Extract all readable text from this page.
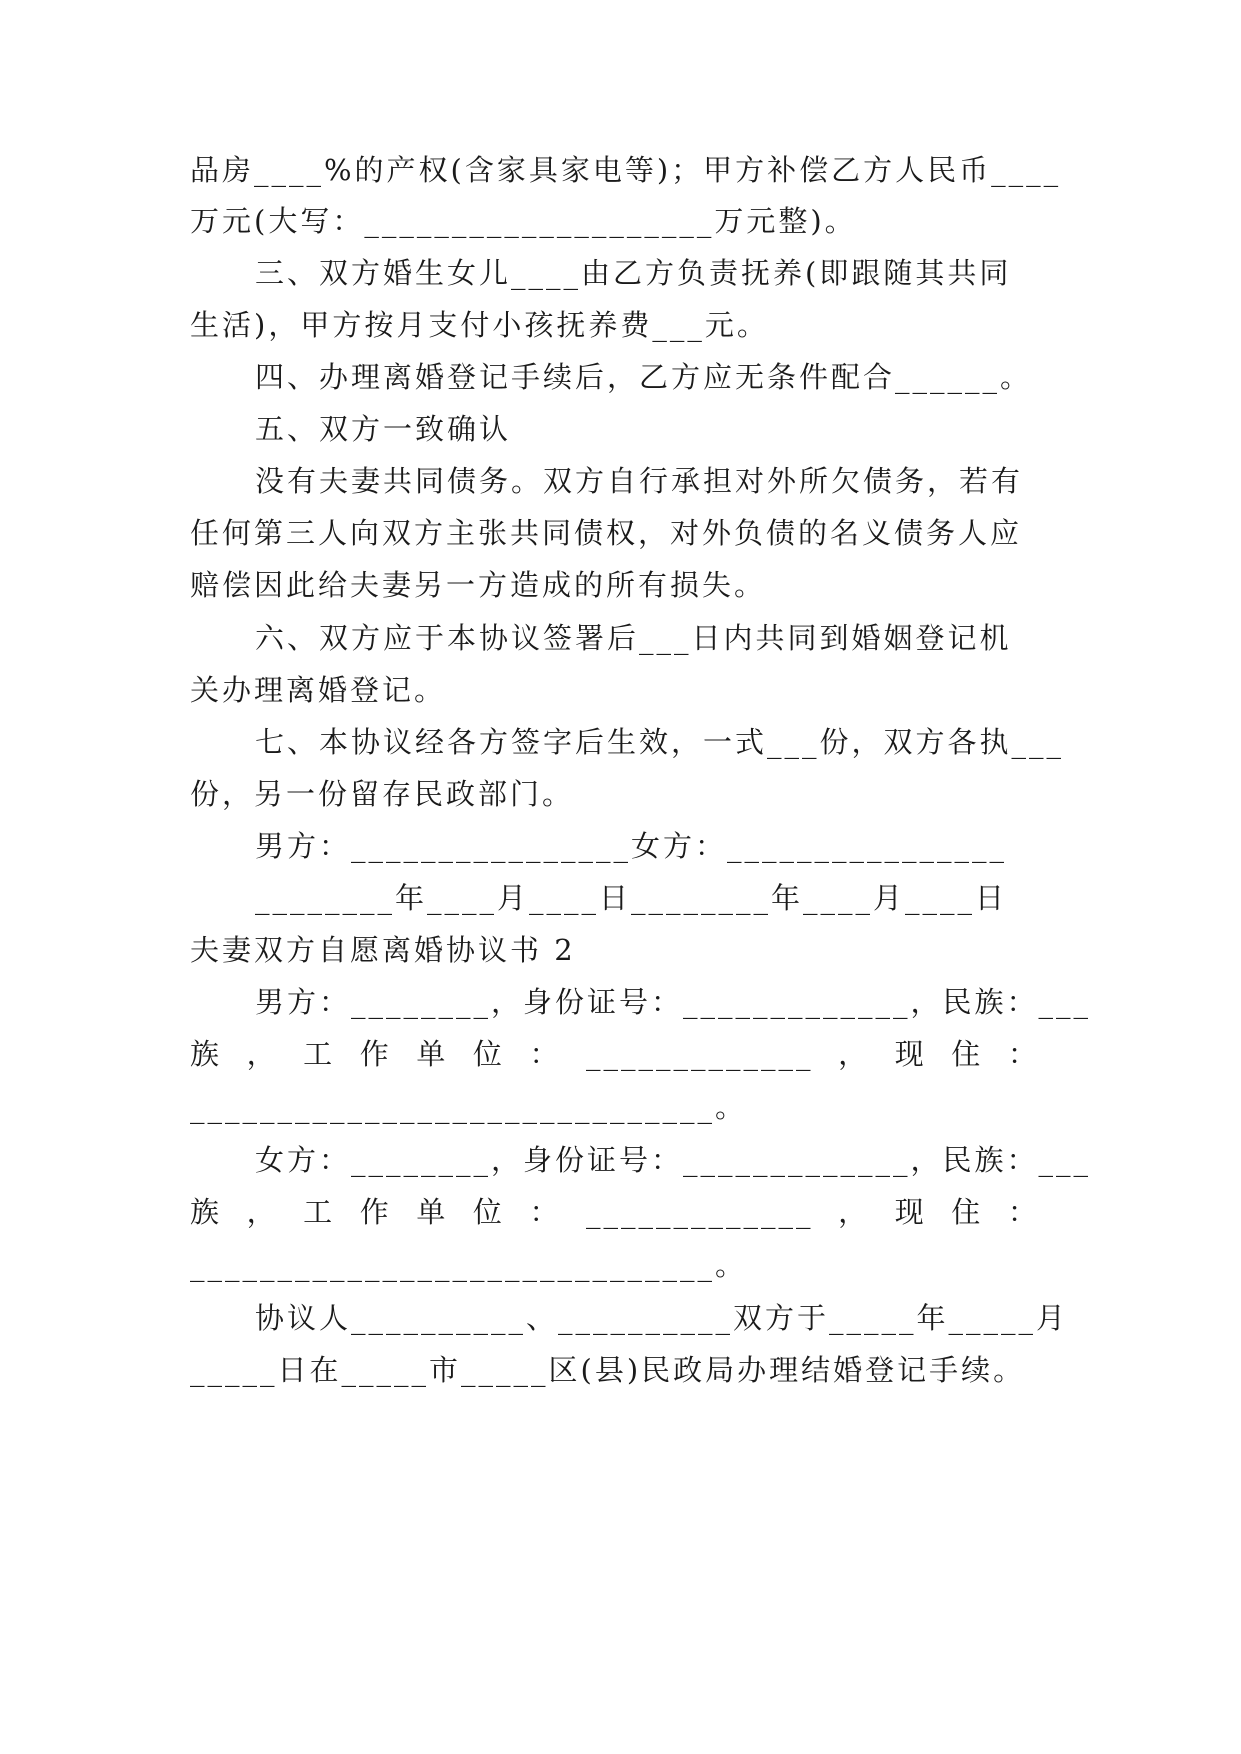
品房____%的产权(含家具家电等)；甲方补偿乙方人民币____
万元(大写：____________________万元整)。
三、双方婚生女儿____由乙方负责抚养(即跟随其共同
生活)，甲方按月支付小孩抚养费___元。
四、办理离婚登记手续后，乙方应无条件配合______。
五、双方一致确认
没有夫妻共同债务。双方自行承担对外所欠债务，若有
任何第三人向双方主张共同债权，对外负债的名义债务人应
赔偿因此给夫妻另一方造成的所有损失。
六、双方应于本协议签署后___日内共同到婚姻登记机
关办理离婚登记。
七、本协议经各方签字后生效，一式___份，双方各执___
份，另一份留存民政部门。
男方：________________女方：________________
________年____月____日________年____月____日
夫妻双方自愿离婚协议书 2
男方：________，身份证号：_____________，民族：___
族 ， 工 作 单 位 ： _____________ ， 现 住 ：
______________________________。
女方：________，身份证号：_____________，民族：___
族 ， 工 作 单 位 ： _____________ ， 现 住 ：
______________________________。
协议人__________、__________双方于_____年_____月
_____日在_____市_____区(县)民政局办理结婚登记手续。
